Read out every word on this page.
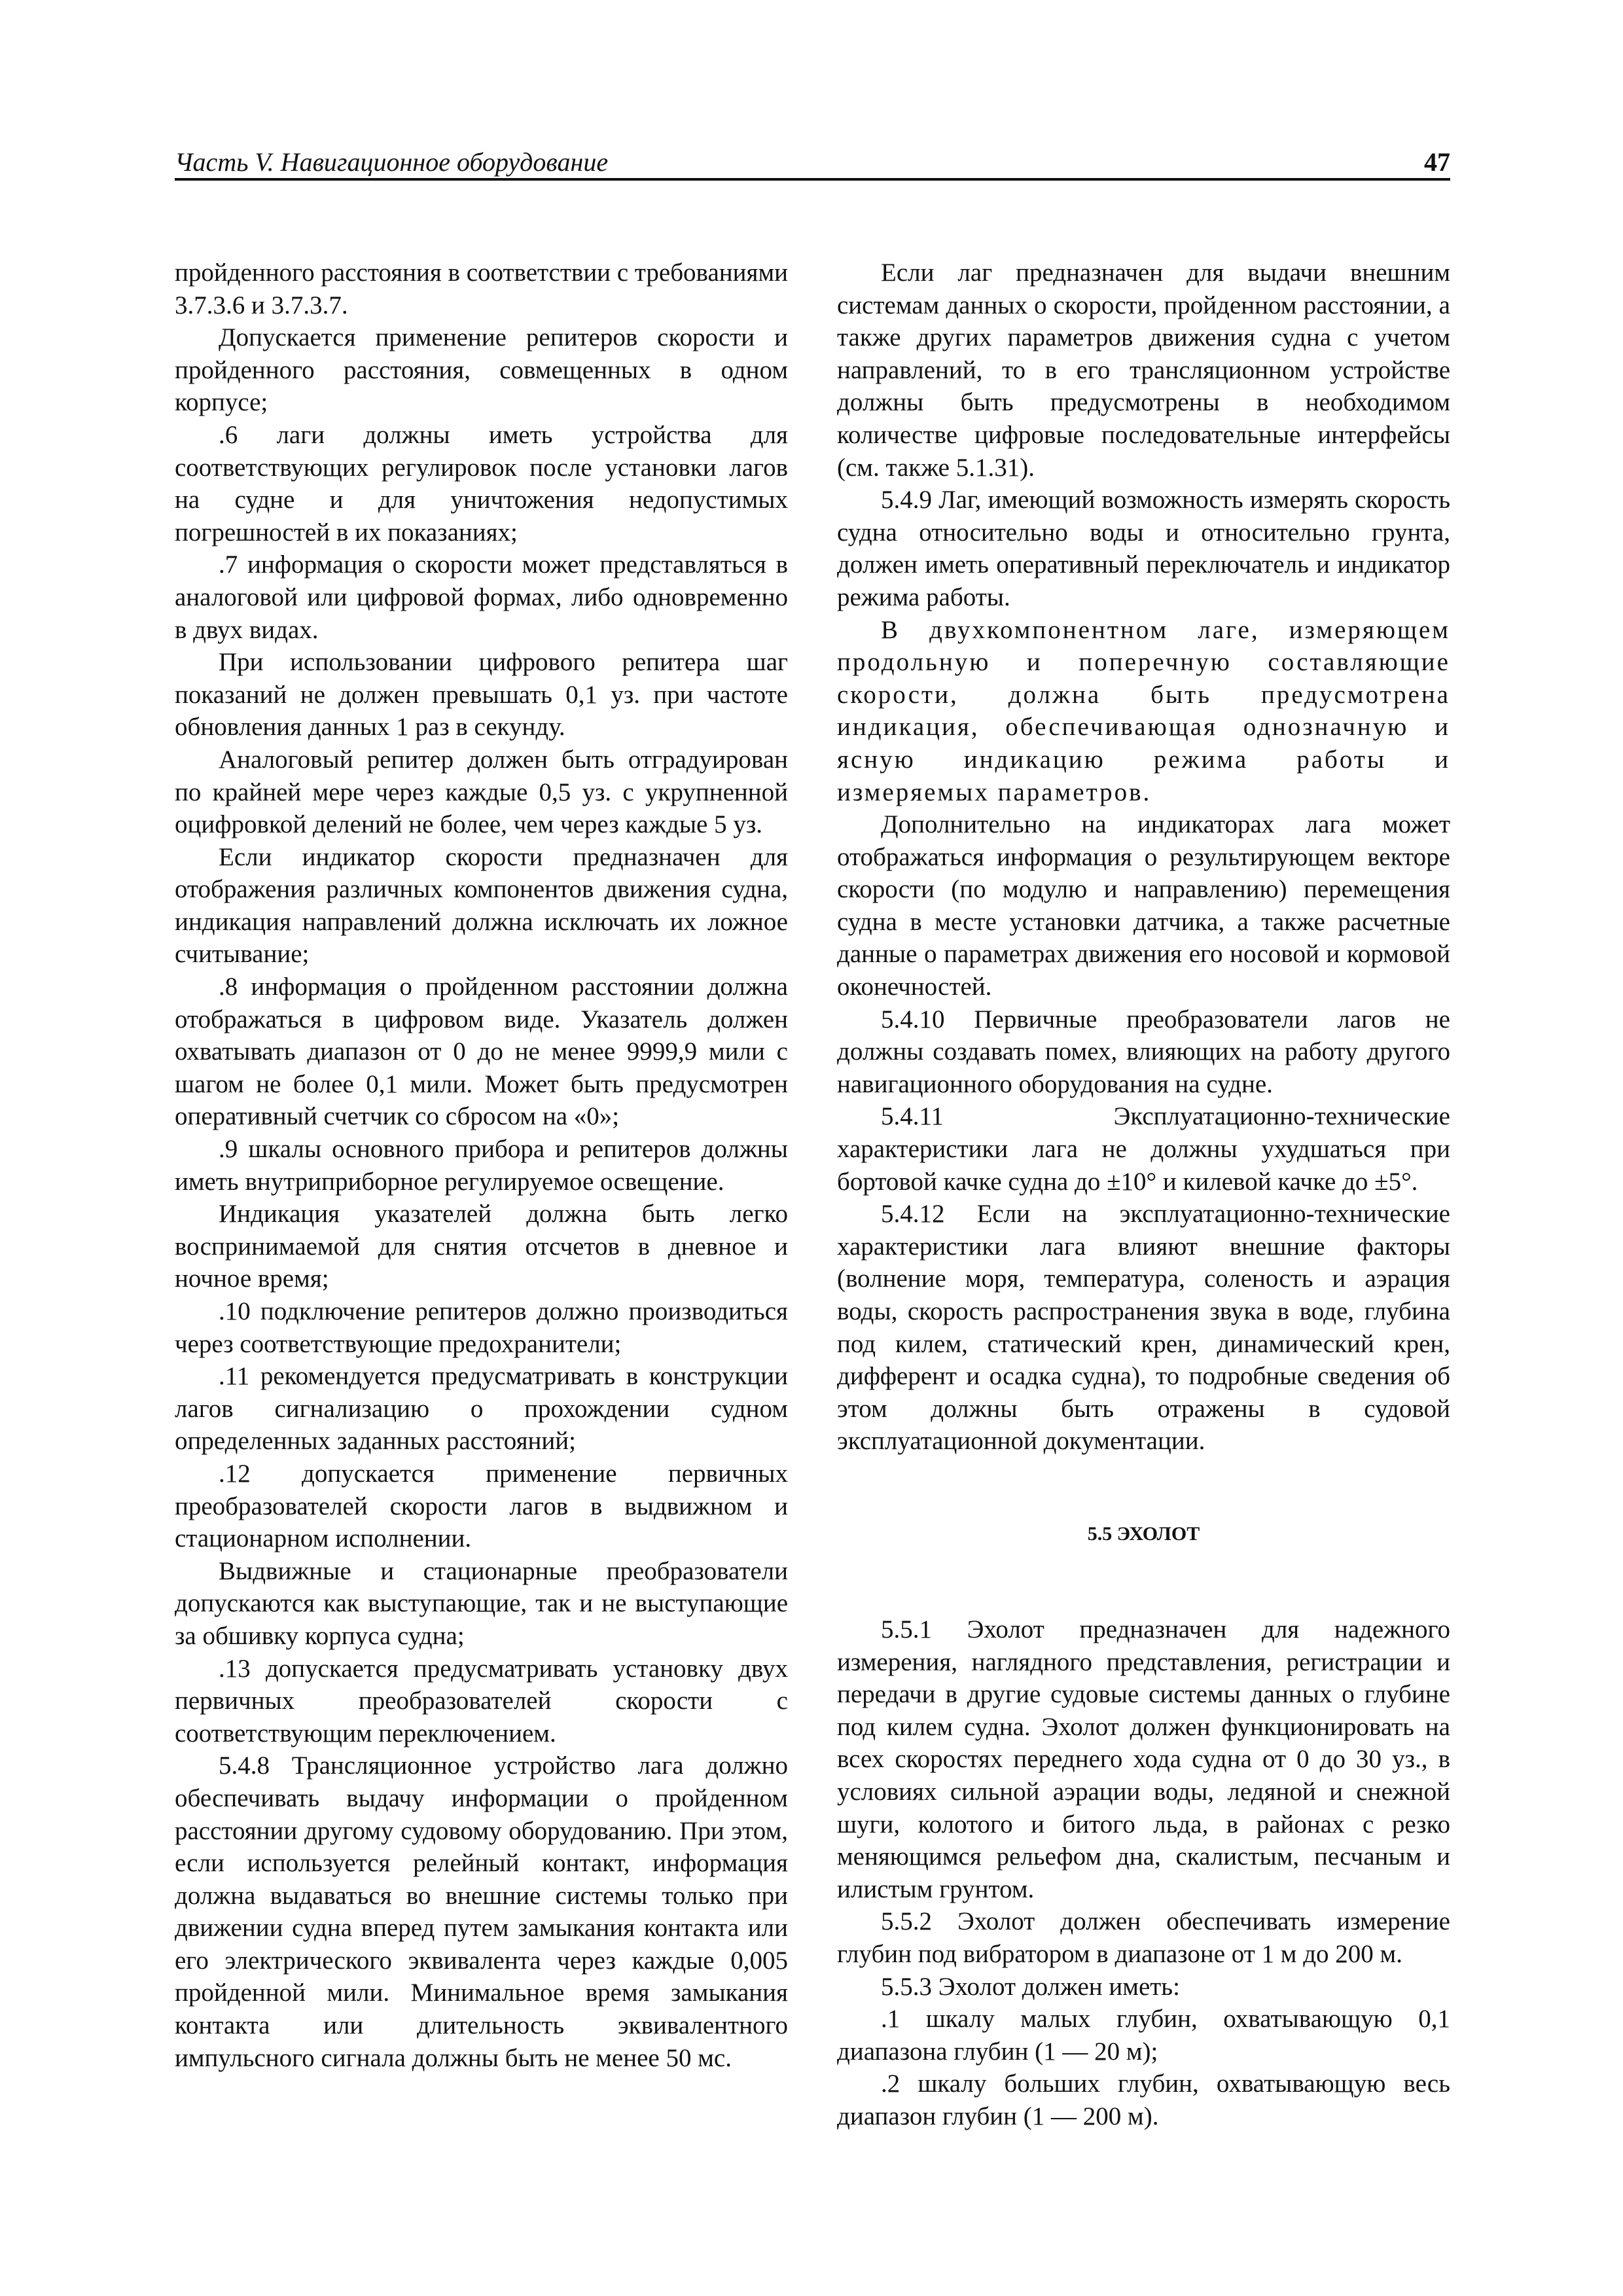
Часть V. Навигационное оборудование	47

пройденного расстояния в соответствии с требованиями 3.7.3.6 и 3.7.3.7.

Допускается применение репитеров скорости и пройденного расстояния, совмещенных в одном корпусе;

.6 лаги должны иметь устройства для соответствующих регулировок после установки лагов на судне и для уничтожения недопустимых погрешностей в их показаниях;

.7 информация о скорости может представляться в аналоговой или цифровой формах, либо одновременно в двух видах.

При использовании цифрового репитера шаг показаний не должен превышать 0,1 уз. при частоте обновления данных 1 раз в секунду.

Аналоговый репитер должен быть отградуирован по крайней мере через каждые 0,5 уз. с укрупненной оцифровкой делений не более, чем через каждые 5 уз.

Если индикатор скорости предназначен для отображения различных компонентов движения судна, индикация направлений должна исключать их ложное считывание;

.8 информация о пройденном расстоянии должна отображаться в цифровом виде. Указатель должен охватывать диапазон от 0 до не менее 9999,9 мили с шагом не более 0,1 мили. Может быть предусмотрен оперативный счетчик со сбросом на «0»;

.9 шкалы основного прибора и репитеров должны иметь внутриприборное регулируемое освещение.

Индикация указателей должна быть легко воспринимаемой для снятия отсчетов в дневное и ночное время;

.10 подключение репитеров должно производиться через соответствующие предохранители;

.11 рекомендуется предусматривать в конструкции лагов сигнализацию о прохождении судном определенных заданных расстояний;

.12 допускается применение первичных преобразователей скорости лагов в выдвижном и стационарном исполнении.

Выдвижные и стационарные преобразователи допускаются как выступающие, так и не выступающие за обшивку корпуса судна;

.13 допускается предусматривать установку двух первичных преобразователей скорости с соответствующим переключением.

5.4.8 Трансляционное устройство лага должно обеспечивать выдачу информации о пройденном расстоянии другому судовому оборудованию. При этом, если используется релейный контакт, информация должна выдаваться во внешние системы только при движении судна вперед путем замыкания контакта или его электрического эквивалента через каждые 0,005 пройденной мили. Минимальное время замыкания контакта или длительность эквивалентного импульсного сигнала должны быть не менее 50 мс.

Если лаг предназначен для выдачи внешним системам данных о скорости, пройденном расстоянии, а также других параметров движения судна с учетом направлений, то в его трансляционном устройстве должны быть предусмотрены в необходимом количестве цифровые последовательные интерфейсы (см. также 5.1.31).

5.4.9 Лаг, имеющий возможность измерять скорость судна относительно воды и относительно грунта, должен иметь оперативный переключатель и индикатор режима работы.

В двухкомпонентном лаге, измеряющем продольную и поперечную составляющие скорости, должна быть предусмотрена индикация, обеспечивающая однозначную и ясную индикацию режима работы и измеряемых параметров.

Дополнительно на индикаторах лага может отображаться информация о результирующем векторе скорости (по модулю и направлению) перемещения судна в месте установки датчика, а также расчетные данные о параметрах движения его носовой и кормовой оконечностей.

5.4.10 Первичные преобразователи лагов не должны создавать помех, влияющих на работу другого навигационного оборудования на судне.

5.4.11 Эксплуатационно-технические характеристики лага не должны ухудшаться при бортовой качке судна до ±10° и килевой качке до ±5°.

5.4.12 Если на эксплуатационно-технические характеристики лага влияют внешние факторы (волнение моря, температура, соленость и аэрация воды, скорость распространения звука в воде, глубина под килем, статический крен, динамический крен, дифферент и осадка судна), то подробные сведения об этом должны быть отражены в судовой эксплуатационной документации.

5.5 ЭХОЛОТ

5.5.1 Эхолот предназначен для надежного измерения, наглядного представления, регистрации и передачи в другие судовые системы данных о глубине под килем судна. Эхолот должен функционировать на всех скоростях переднего хода судна от 0 до 30 уз., в условиях сильной аэрации воды, ледяной и снежной шуги, колотого и битого льда, в районах с резко меняющимся рельефом дна, скалистым, песчаным и илистым грунтом.

5.5.2 Эхолот должен обеспечивать измерение глубин под вибратором в диапазоне от 1 м до 200 м.

5.5.3 Эхолот должен иметь:

.1 шкалу малых глубин, охватывающую 0,1 диапазона глубин (1 — 20 м);

.2 шкалу больших глубин, охватывающую весь диапазон глубин (1 — 200 м).
